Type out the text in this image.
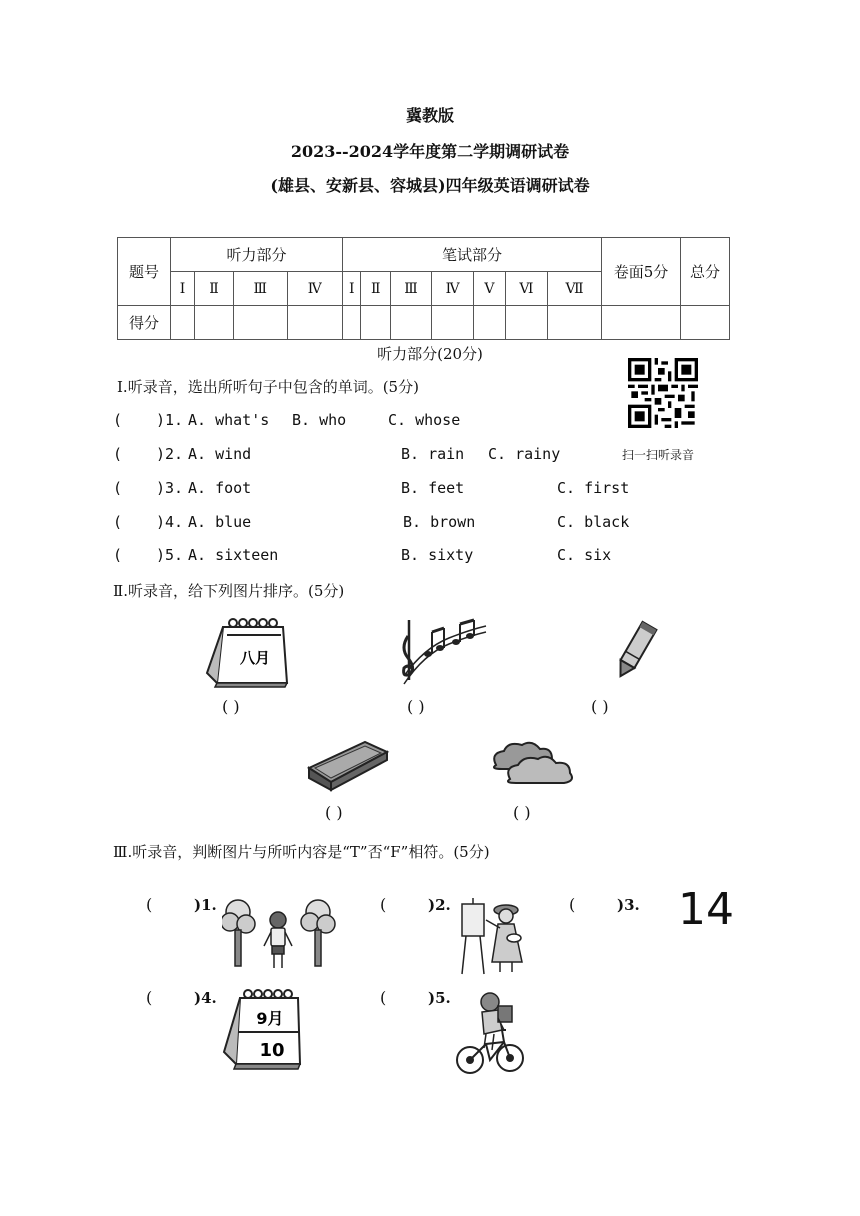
冀教版
2023--2024学年度第二学期调研试卷
(雄县、安新县、容城县)四年级英语调研试卷
题号	听力部分				笔试部分							卷面5分	总分
	Ⅰ	Ⅱ	Ⅲ	Ⅳ	Ⅰ	Ⅱ	Ⅲ	Ⅳ	Ⅴ	Ⅵ	Ⅶ		
得分													
听力部分(20分)
扫一扫听录音
Ⅰ.听录音，选出所听句子中包含的单词。(5分)
( )1. A. what's B. who	C. whose
( )2. A. wind	B. rain C. rainy
( )3. A. foot	B. feet	C. first
( )4. A. blue	B. brown	C. black
( )5. A. sixteen	B. sixty	C. six
Ⅱ.听录音，给下列图片排序。(5分)
八月
( )	( )	( )
( )	( )
Ⅲ.听录音，判断图片与所听内容是“T”否“F”相符。(5分)
(	)1.	(	)2.	(	)3. 14
(	)4.	(	)5.
9月
10
